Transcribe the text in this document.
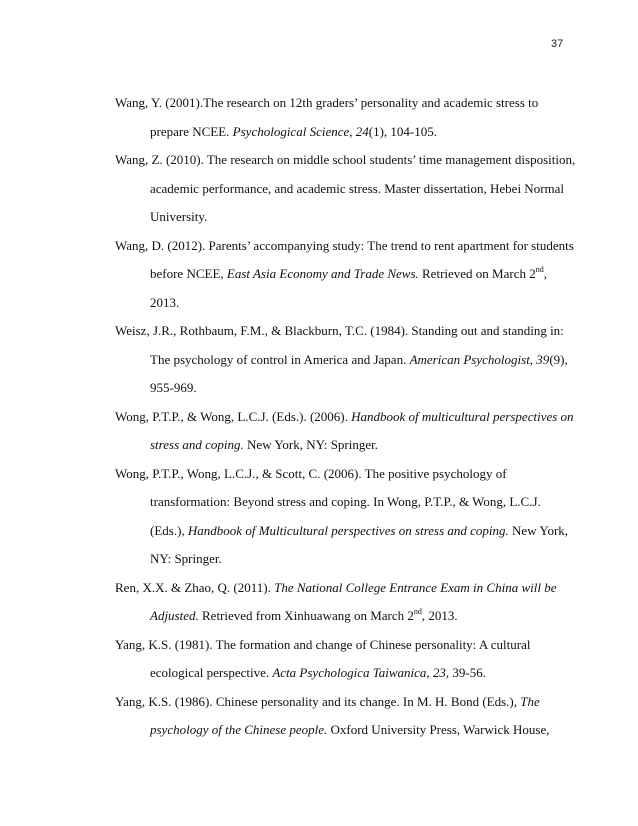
37
Wang, Y. (2001).The research on 12th graders’ personality and academic stress to
prepare NCEE. Psychological Science, 24(1), 104-105.
Wang, Z. (2010). The research on middle school students’ time management disposition,
academic performance, and academic stress. Master dissertation, Hebei Normal
University.
Wang, D. (2012). Parents’ accompanying study: The trend to rent apartment for students
before NCEE, East Asia Economy and Trade News. Retrieved on March 2nd,
2013.
Weisz, J.R., Rothbaum, F.M., & Blackburn, T.C. (1984). Standing out and standing in:
The psychology of control in America and Japan. American Psychologist, 39(9),
955-969.
Wong, P.T.P., & Wong, L.C.J. (Eds.). (2006). Handbook of multicultural perspectives on
stress and coping. New York, NY: Springer.
Wong, P.T.P., Wong, L.C.J., & Scott, C. (2006). The positive psychology of
transformation: Beyond stress and coping. In Wong, P.T.P., & Wong, L.C.J.
(Eds.), Handbook of Multicultural perspectives on stress and coping. New York,
NY: Springer.
Ren, X.X. & Zhao, Q. (2011). The National College Entrance Exam in China will be
Adjusted. Retrieved from Xinhuawang on March 2nd, 2013.
Yang, K.S. (1981). The formation and change of Chinese personality: A cultural
ecological perspective. Acta Psychologica Taiwanica, 23, 39-56.
Yang, K.S. (1986). Chinese personality and its change. In M. H. Bond (Eds.), The
psychology of the Chinese people. Oxford University Press, Warwick House,
